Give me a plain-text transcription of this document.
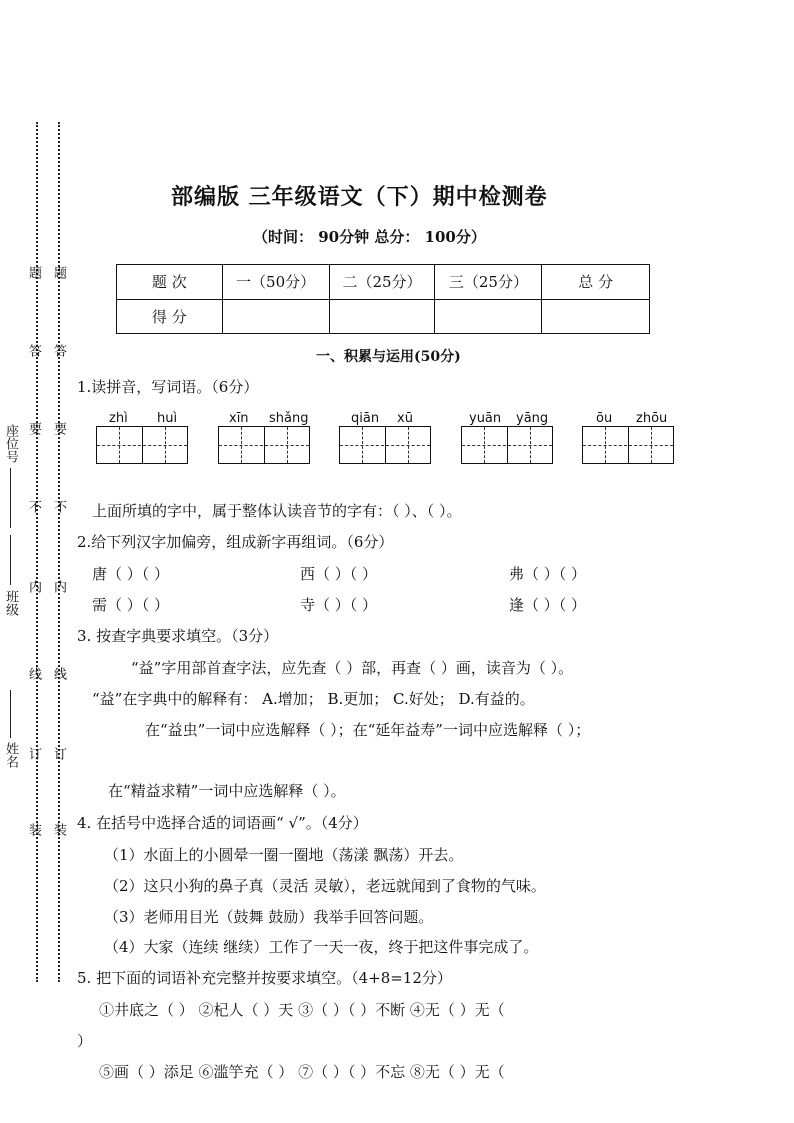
题
答
要
不
内
线
订
装
题
答
要
不
内
线
订
装
座位号
班级
姓名
部编版 三年级语文（下）期中检测卷
（时间： 90分钟 总分： 100分）
题 次	一（50分）	二（25分）	三（25分）	总 分
得 分				
一、积累与运用(50分)
1.读拼音，写词语。（6分）
zhì huì	xīn shǎng	qiān xū	yuān yāng	ōu zhōu
上面所填的字中，属于整体认读音节的字有：（ ）、（ ）。
2.给下列汉字加偏旁，组成新字再组词。（6分）
唐（ ）（ ）	西（ ）（ ）	弗（ ）（ ）
需（ ）（ ）	寺（ ）（ ）	逢（ ）（ ）
3. 按查字典要求填空。（3分）
“益”字用部首查字法，应先查（ ）部，再查（ ）画，读音为（ ）。
“益”在字典中的解释有： A.增加； B.更加； C.好处； D.有益的。
在“益虫”一词中应选解释（ ）；在“延年益寿”一词中应选解释（ ）；
在“精益求精”一词中应选解释（ ）。
4. 在括号中选择合适的词语画“ √”。（4分）
（1）水面上的小圆晕一圈一圈地（荡漾 飘荡）开去。
（2）这只小狗的鼻子真（灵活 灵敏），老远就闻到了食物的气味。
（3）老师用目光（鼓舞 鼓励）我举手回答问题。
（4）大家（连续 继续）工作了一天一夜，终于把这件事完成了。
5. 把下面的词语补充完整并按要求填空。（4+8=12分）
①井底之（ ） ②杞人（ ）天 ③（ ）（ ）不断 ④无（ ）无（
）
⑤画（ ）添足 ⑥滥竽充（ ） ⑦（ ）（ ）不忘 ⑧无（ ）无（
